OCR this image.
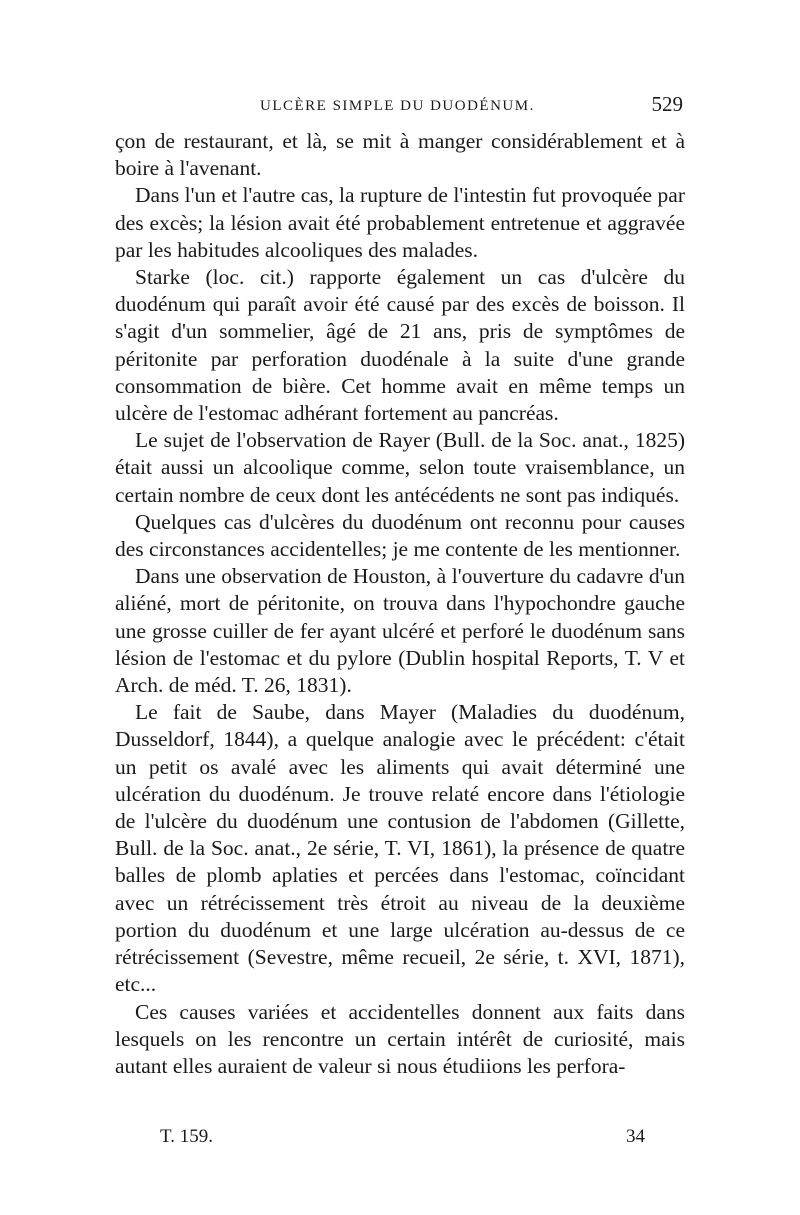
ULCÈRE SIMPLE DU DUODÉNUM.	529

çon de restaurant, et là, se mit à manger considérablement et à boire à l'avenant.

Dans l'un et l'autre cas, la rupture de l'intestin fut provoquée par des excès; la lésion avait été probablement entretenue et aggravée par les habitudes alcooliques des malades.

Starke (loc. cit.) rapporte également un cas d'ulcère du duodénum qui paraît avoir été causé par des excès de boisson. Il s'agit d'un sommelier, âgé de 21 ans, pris de symptômes de péritonite par perforation duodénale à la suite d'une grande consommation de bière. Cet homme avait en même temps un ulcère de l'estomac adhérant fortement au pancréas.

Le sujet de l'observation de Rayer (Bull. de la Soc. anat., 1825) était aussi un alcoolique comme, selon toute vraisemblance, un certain nombre de ceux dont les antécédents ne sont pas indiqués.

Quelques cas d'ulcères du duodénum ont reconnu pour causes des circonstances accidentelles; je me contente de les mentionner.

Dans une observation de Houston, à l'ouverture du cadavre d'un aliéné, mort de péritonite, on trouva dans l'hypochondre gauche une grosse cuiller de fer ayant ulcéré et perforé le duodénum sans lésion de l'estomac et du pylore (Dublin hospital Reports, T. V et Arch. de méd. T. 26, 1831).

Le fait de Saube, dans Mayer (Maladies du duodénum, Dusseldorf, 1844), a quelque analogie avec le précédent: c'était un petit os avalé avec les aliments qui avait déterminé une ulcération du duodénum. Je trouve relaté encore dans l'étiologie de l'ulcère du duodénum une contusion de l'abdomen (Gillette, Bull. de la Soc. anat., 2e série, T. VI, 1861), la présence de quatre balles de plomb aplaties et percées dans l'estomac, coïncidant avec un rétrécissement très étroit au niveau de la deuxième portion du duodénum et une large ulcération au-dessus de ce rétrécissement (Sevestre, même recueil, 2e série, t. XVI, 1871), etc...

Ces causes variées et accidentelles donnent aux faits dans lesquels on les rencontre un certain intérêt de curiosité, mais autant elles auraient de valeur si nous étudiions les perfora-

T. 159.	34
